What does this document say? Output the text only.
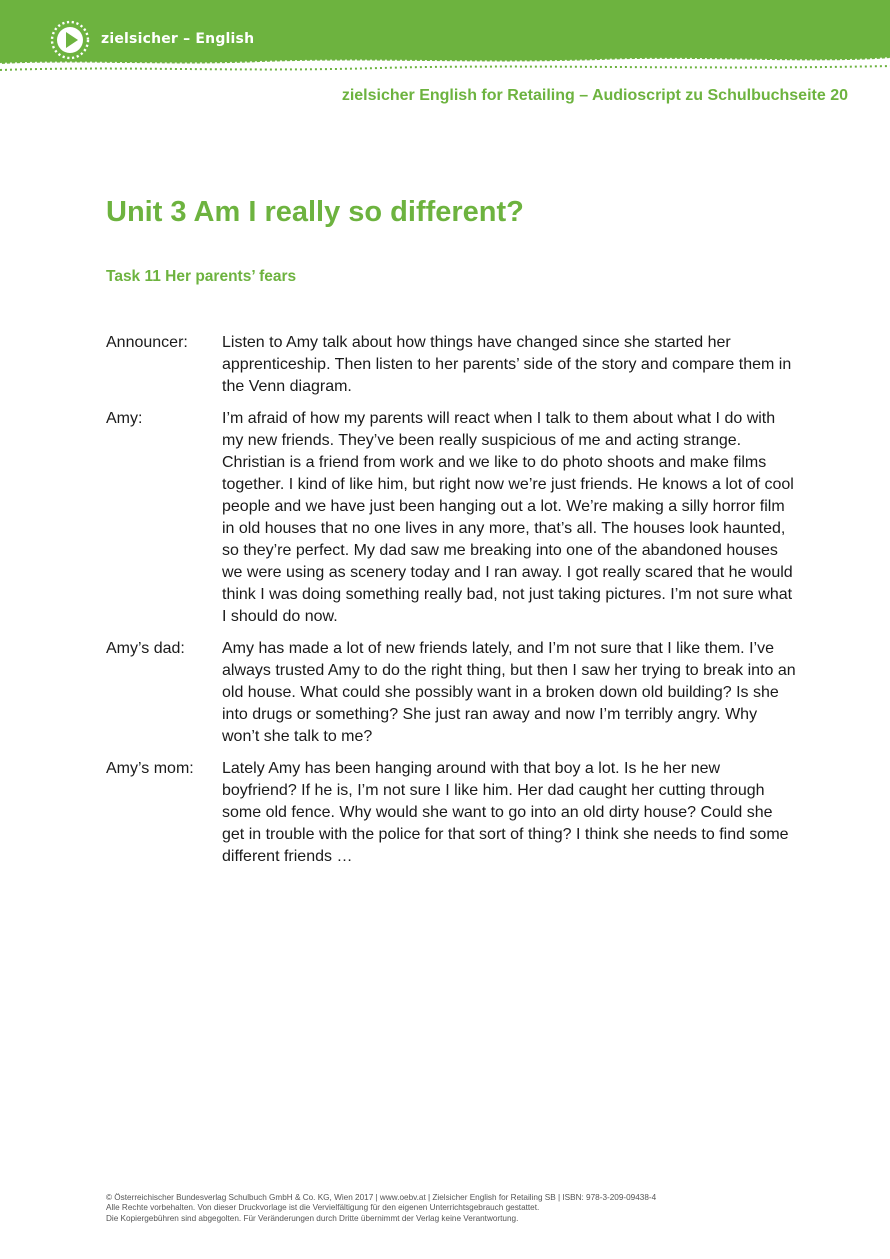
zielsicher – English
zielsicher English for Retailing – Audioscript zu Schulbuchseite 20
Unit 3 Am I really so different?
Task 11 Her parents’ fears
Announcer:	Listen to Amy talk about how things have changed since she started her apprenticeship. Then listen to her parents’ side of the story and compare them in the Venn diagram.
Amy:	I’m afraid of how my parents will react when I talk to them about what I do with my new friends. They’ve been really suspicious of me and acting strange. Christian is a friend from work and we like to do photo shoots and make films together. I kind of like him, but right now we’re just friends. He knows a lot of cool people and we have just been hanging out a lot. We’re making a silly horror film in old houses that no one lives in any more, that’s all. The houses look haunted, so they’re perfect. My dad saw me breaking into one of the abandoned houses we were using as scenery today and I ran away. I got really scared that he would think I was doing something really bad, not just taking pictures. I’m not sure what I should do now.
Amy’s dad:	Amy has made a lot of new friends lately, and I’m not sure that I like them. I’ve always trusted Amy to do the right thing, but then I saw her trying to break into an old house. What could she possibly want in a broken down old building? Is she into drugs or something? She just ran away and now I’m terribly angry. Why won’t she talk to me?
Amy’s mom:	Lately Amy has been hanging around with that boy a lot. Is he her new boyfriend? If he is, I’m not sure I like him. Her dad caught her cutting through some old fence. Why would she want to go into an old dirty house? Could she get in trouble with the police for that sort of thing? I think she needs to find some different friends …
© Österreichischer Bundesverlag Schulbuch GmbH & Co. KG, Wien 2017 | www.oebv.at | Zielsicher English for Retailing SB | ISBN: 978-3-209-09438-4
Alle Rechte vorbehalten. Von dieser Druckvorlage ist die Vervielfältigung für den eigenen Unterrichtsgebrauch gestattet.
Die Kopiergebühren sind abgegolten. Für Veränderungen durch Dritte übernimmt der Verlag keine Verantwortung.
